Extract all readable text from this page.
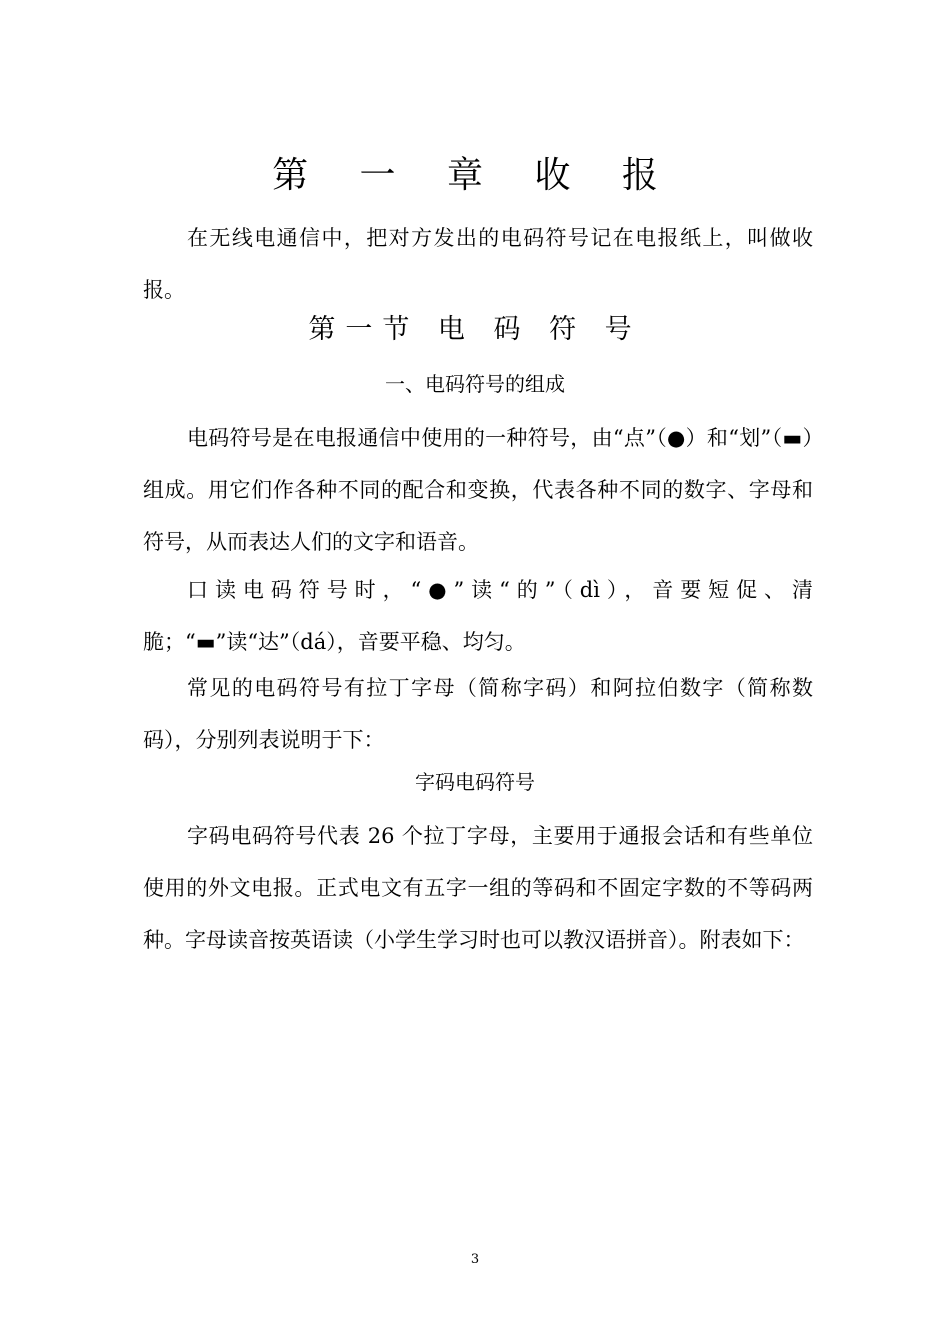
第 一 章 收 报

在无线电通信中，把对方发出的电码符号记在电报纸上，叫做收报。

第一节 电 码 符 号
一、电码符号的组成

电码符号是在电报通信中使用的一种符号，由“点”（●）和“划”（▬）组成。用它们作各种不同的配合和变换，代表各种不同的数字、字母和符号，从而表达人们的文字和语音。

口读电码符号时，“●”读“的”（dì），音要短促、清脆；“▬”读“达”（dá），音要平稳、均匀。

常见的电码符号有拉丁字母（简称字码）和阿拉伯数字（简称数码），分别列表说明于下：

字码电码符号

字码电码符号代表 26 个拉丁字母，主要用于通报会话和有些单位使用的外文电报。正式电文有五字一组的等码和不固定字数的不等码两种。字母读音按英语读（小学生学习时也可以教汉语拼音）。附表如下：

3
